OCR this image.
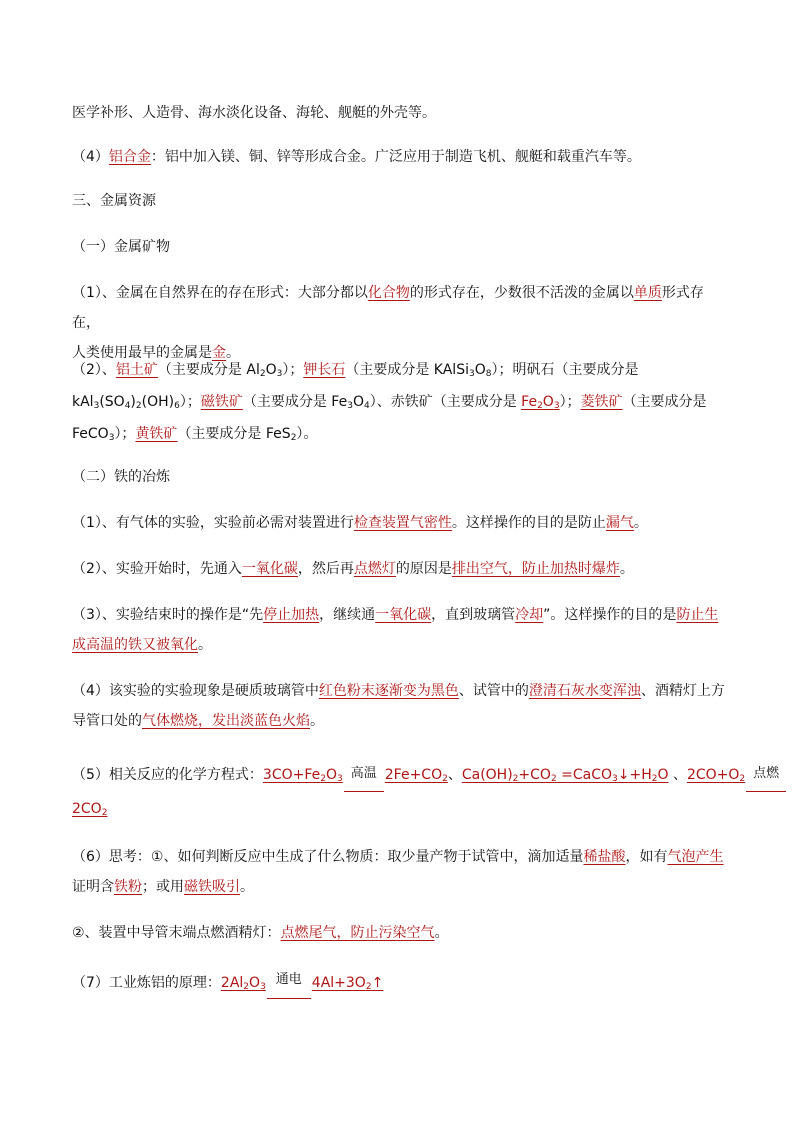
医学补形、人造骨、海水淡化设备、海轮、舰艇的外壳等。
（4）铝合金：铝中加入镁、铜、锌等形成合金。广泛应用于制造飞机、舰艇和载重汽车等。
三、金属资源
（一）金属矿物
（1）、金属在自然界在的存在形式：大部分都以化合物的形式存在，少数很不活泼的金属以单质形式存在，
人类使用最早的金属是金。
（2）、铝土矿（主要成分是 $Al_2O_3$）；钾长石（主要成分是 $KAlSi_3O_8$）；明矾石（主要成分是
$kAl_3(SO_4)_2(OH)_6$）；磁铁矿（主要成分是 $Fe_3O_4$）、赤铁矿（主要成分是 $Fe_2O_3$）；菱铁矿（主要成分是
FeCO$_3$）；黄铁矿（主要成分是 FeS$_2$）。
（二）铁的冶炼
（1）、有气体的实验，实验前必需对装置进行检查装置气密性。这样操作的目的是防止漏气。
（2）、实验开始时，先通入一氧化碳，然后再点燃灯的原因是排出空气，防止加热时爆炸。
（3）、实验结束时的操作是“先停止加热，继续通一氧化碳，直到玻璃管冷却”。这样操作的目的是防止生
成高温的铁又被氧化。
（4）该实验的实验现象是硬质玻璃管中红色粉末逐渐变为黑色、试管中的澄清石灰水变浑浊、酒精灯上方
导管口处的气体燃烧，发出淡蓝色火焰。
（5）相关反应的化学方程式：$3CO+Fe_2O_3$ 高温 $2Fe+CO_2$、$Ca(OH)_2+CO_2$ $=CaCO_3↓+H_2O$ 、$2CO+O_2$ 点燃

$2CO_2$
（6）思考：①、如何判断反应中生成了什么物质：取少量产物于试管中，滴加适量稀盐酸，如有气泡产生
证明含铁粉；或用磁铁吸引。
②、装置中导管末端点燃酒精灯：点燃尾气，防止污染空气。
（7）工业炼铝的原理：$2Al_2O_3$ 通电 $4Al+3O_2↑$
